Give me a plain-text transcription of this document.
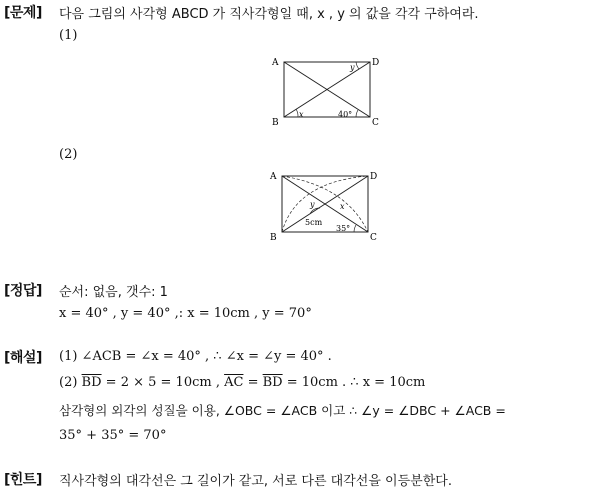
[문제] 다음 그림의 사각형 ABCD 가 직사각형일 때, x , y 의 값을 각각 구하여라.
(1)
A
B	C
D
x
y
40°
(2)
A
B	C
D
y	x
5cm
35°
[정답] 순서: 없음, 갯수: 1
x = 40° , y = 40° ,: x = 10cm , y = 70°
[해설] (1) ∠ACB = ∠x = 40° , ∴ ∠x = ∠y = 40° .
(2) $\overline{BD} = 2 \times 5 = 10cm$ , $\overline{AC} = \overline{BD} = 10cm$ . ∴ x = 10cm
삼각형의 외각의 성질을 이용, ∠OBC = ∠ACB 이고 ∴ ∠y = ∠DBC + ∠ACB =
35° + 35° = 70°
[힌트] 직사각형의 대각선은 그 길이가 같고, 서로 다른 대각선을 이등분한다.
